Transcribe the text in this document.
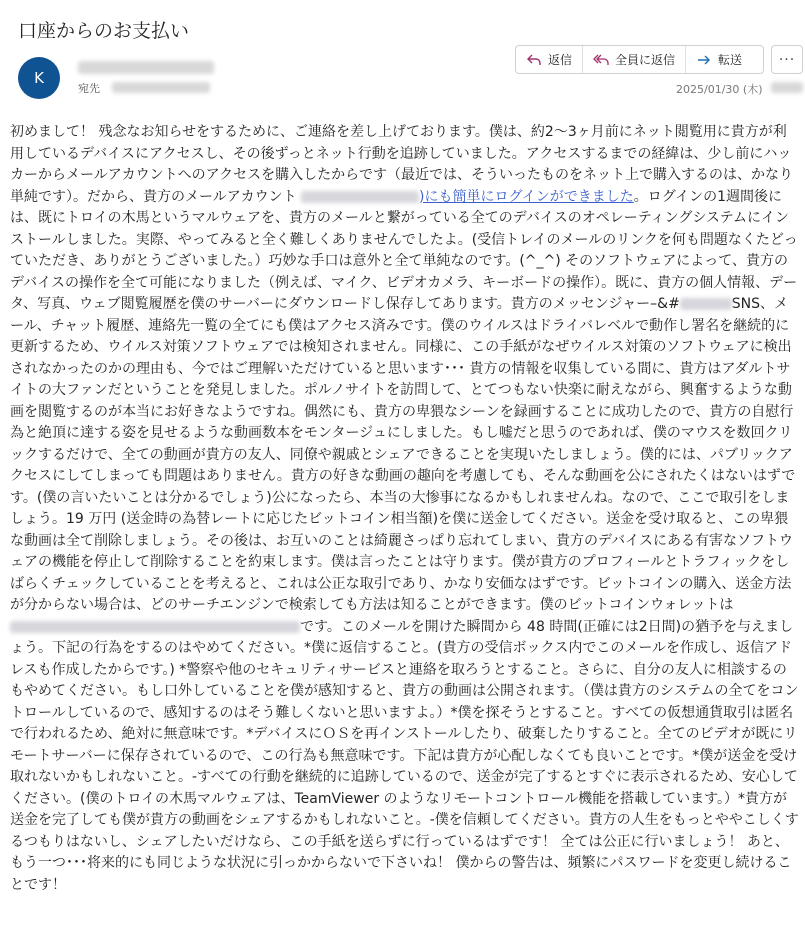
口座からのお支払い
K
宛先
返信	全員に返信	転送	···
2025/01/30 (木)
初めまして！ 残念なお知らせをするために、ご連絡を差し上げております。僕は、約2～3ヶ月前にネット閲覧用に貴方が利用しているデバイスにアクセスし、その後ずっとネット行動を追跡していました。アクセスするまでの経緯は、少し前にハッカーからメールアカウントへのアクセスを購入したからです（最近では、そういったものをネット上で購入するのは、かなり単純です）。だから、貴方のメールアカウント	)にも簡単にログインができました。ログインの1週間後には、既にトロイの木馬というマルウェアを、貴方のメールと繋がっている全てのデバイスのオペレーティングシステムにインストールしました。実際、やってみると全く難しくありませんでしたよ。(受信トレイのメールのリンクを何も問題なくたどっていただき、ありがとうございました。）巧妙な手口は意外と全て単純なのです。(^_^) そのソフトウェアによって、貴方のデバイスの操作を全て可能になりました（例えば、マイク、ビデオカメラ、キーボードの操作）。既に、貴方の個人情報、データ、写真、ウェブ閲覧履歴を僕のサーバーにダウンロードし保存してあります。貴方のメッセンジャー–&#	SNS、メール、チャット履歴、連絡先一覧の全てにも僕はアクセス済みです。僕のウイルスはドライバレベルで動作し署名を継続的に更新するため、ウイルス対策ソフトウェアでは検知されません。同様に、この手紙がなぜウイルス対策のソフトウェアに検出されなかったのかの理由も、今ではご理解いただけていると思います･･･ 貴方の情報を収集している間に、貴方はアダルトサイトの大ファンだということを発見しました。ポルノサイトを訪問して、とてつもない快楽に耐えながら、興奮するような動画を閲覧するのが本当にお好きなようですね。偶然にも、貴方の卑猥なシーンを録画することに成功したので、貴方の自慰行為と絶頂に達する姿を見せるような動画数本をモンタージュにしました。もし嘘だと思うのであれば、僕のマウスを数回クリックするだけで、全ての動画が貴方の友人、同僚や親戚とシェアできることを実現いたしましょう。僕的には、パブリックアクセスにしてしまっても問題はありません。貴方の好きな動画の趣向を考慮しても、そんな動画を公にされたくはないはずです。(僕の言いたいことは分かるでしょう)公になったら、本当の大惨事になるかもしれませんね。なので、ここで取引をしましょう。19 万円 (送金時の為替レートに応じたビットコイン相当額)を僕に送金してください。送金を受け取ると、この卑猥な動画は全て削除しましょう。その後は、お互いのことは綺麗さっぱり忘れてしまい、貴方のデバイスにある有害なソフトウェアの機能を停止して削除することを約束します。僕は言ったことは守ります。僕が貴方のプロフィールとトラフィックをしばらくチェックしていることを考えると、これは公正な取引であり、かなり安価なはずです。ビットコインの購入、送金方法が分からない場合は、どのサーチエンジンで検索しても方法は知ることができます。僕のビットコインウォレットは です。このメールを開けた瞬間から 48 時間(正確には2日間)の猶予を与えましょう。下記の行為をするのはやめてください。*僕に返信すること。(貴方の受信ボックス内でこのメールを作成し、返信アドレスも作成したからです。) *警察や他のセキュリティサービスと連絡を取ろうとすること。さらに、自分の友人に相談するのもやめてください。もし口外していることを僕が感知すると、貴方の動画は公開されます。（僕は貴方のシステムの全てをコントロールしているので、感知するのはそう難しくないと思いますよ。）*僕を探そうとすること。すべての仮想通貨取引は匿名で行われるため、絶対に無意味です。*デバイスにＯＳを再インストールしたり、破棄したりすること。全てのビデオが既にリモートサーバーに保存されているので、この行為も無意味です。下記は貴方が心配しなくても良いことです。*僕が送金を受け取れないかもしれないこと。‐すべての行動を継続的に追跡しているので、送金が完了するとすぐに表示されるため、安心してください。(僕のトロイの木馬マルウェアは、TeamViewer のようなリモートコントロール機能を搭載しています。）*貴方が送金を完了しても僕が貴方の動画をシェアするかもしれないこと。‐僕を信頼してください。貴方の人生をもっとややこしくするつもりはないし、シェアしたいだけなら、この手紙を送らずに行っているはずです！ 全ては公正に行いましょう！ あと、もう一つ･･･将来的にも同じような状況に引っかからないで下さいね！ 僕からの警告は、頻繁にパスワードを変更し続けることです！
